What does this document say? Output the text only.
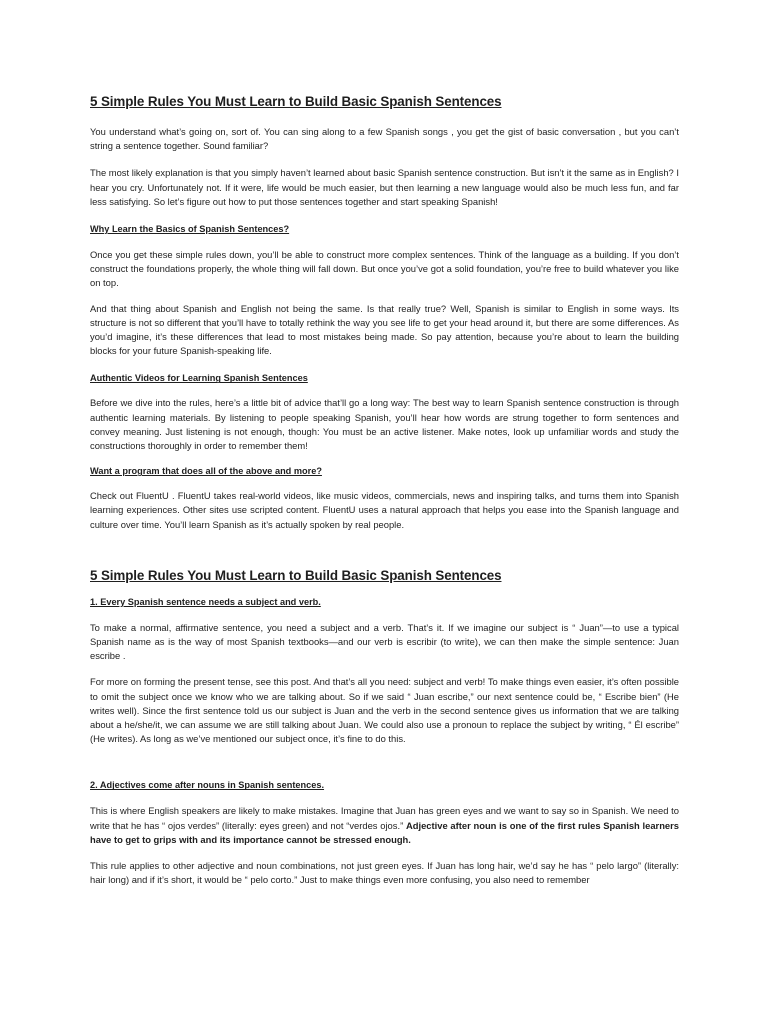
5 Simple Rules You Must Learn to Build Basic Spanish Sentences

You understand what’s going on, sort of. You can sing along to a few Spanish songs , you get the gist of basic conversation , but you can’t string a sentence together. Sound familiar?

The most likely explanation is that you simply haven’t learned about basic Spanish sentence construction. But isn’t it the same as in English? I hear you cry. Unfortunately not. If it were, life would be much easier, but then learning a new language would also be much less fun, and far less satisfying. So let’s figure out how to put those sentences together and start speaking Spanish!

Why Learn the Basics of Spanish Sentences?

Once you get these simple rules down, you’ll be able to construct more complex sentences. Think of the language as a building. If you don’t construct the foundations properly, the whole thing will fall down. But once you’ve got a solid foundation, you’re free to build whatever you like on top.

And that thing about Spanish and English not being the same. Is that really true? Well, Spanish is similar to English in some ways. Its structure is not so different that you’ll have to totally rethink the way you see life to get your head around it, but there are some differences. As you’d imagine, it’s these differences that lead to most mistakes being made. So pay attention, because you’re about to learn the building blocks for your future Spanish-speaking life.

Authentic Videos for Learning Spanish Sentences

Before we dive into the rules, here’s a little bit of advice that’ll go a long way: The best way to learn Spanish sentence construction is through authentic learning materials. By listening to people speaking Spanish, you’ll hear how words are strung together to form sentences and convey meaning. Just listening is not enough, though: You must be an active listener. Make notes, look up unfamiliar words and study the constructions thoroughly in order to remember them!

Want a program that does all of the above and more?

Check out FluentU . FluentU takes real-world videos, like music videos, commercials, news and inspiring talks, and turns them into Spanish learning experiences. Other sites use scripted content. FluentU uses a natural approach that helps you ease into the Spanish language and culture over time. You’ll learn Spanish as it’s actually spoken by real people.

5 Simple Rules You Must Learn to Build Basic Spanish Sentences
1. Every Spanish sentence needs a subject and verb.

To make a normal, affirmative sentence, you need a subject and a verb. That’s it. If we imagine our subject is “ Juan”—to use a typical Spanish name as is the way of most Spanish textbooks—and our verb is escribir (to write), we can then make the simple sentence: Juan escribe .

For more on forming the present tense, see this post. And that’s all you need: subject and verb! To make things even easier, it’s often possible to omit the subject once we know who we are talking about. So if we said “ Juan escribe,” our next sentence could be, “ Escribe bien” (He writes well). Since the first sentence told us our subject is Juan and the verb in the second sentence gives us information that we are talking about a he/she/it, we can assume we are still talking about Juan. We could also use a pronoun to replace the subject by writing, “ Él escribe” (He writes). As long as we’ve mentioned our subject once, it’s fine to do this.

2. Adjectives come after nouns in Spanish sentences.

This is where English speakers are likely to make mistakes. Imagine that Juan has green eyes and we want to say so in Spanish. We need to write that he has “ ojos verdes” (literally: eyes green) and not “verdes ojos.” Adjective after noun is one of the first rules Spanish learners have to get to grips with and its importance cannot be stressed enough.

This rule applies to other adjective and noun combinations, not just green eyes. If Juan has long hair, we’d say he has “ pelo largo” (literally: hair long) and if it’s short, it would be “ pelo corto.” Just to make things even more confusing, you also need to remember
